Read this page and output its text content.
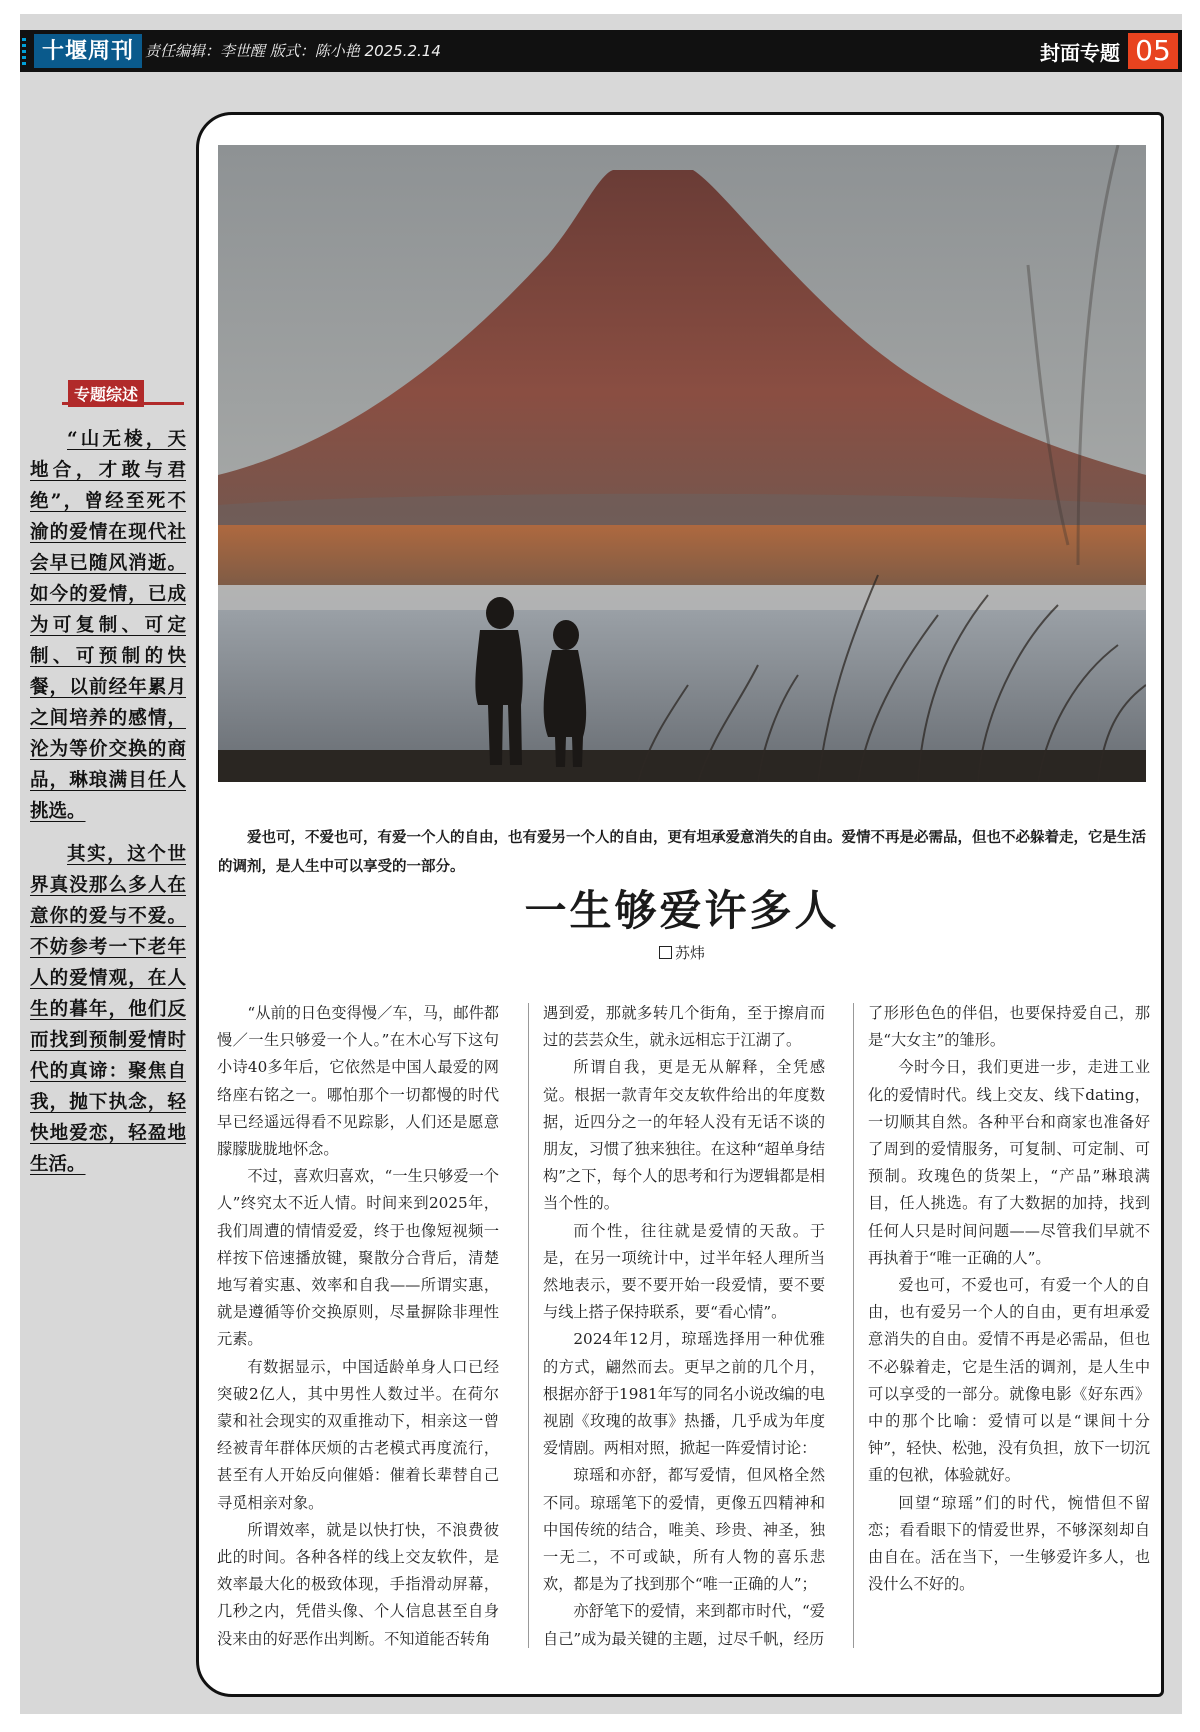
十堰周刊 责任编辑：李世醒 版式：陈小艳 2025.2.14	封面专题 05
专题综述

“山无棱，天地合，才敢与君绝”，曾经至死不渝的爱情在现代社会早已随风消逝。如今的爱情，已成为可复制、可定制、可预制的快餐，以前经年累月之间培养的感情，沦为等价交换的商品，琳琅满目任人挑选。

其实，这个世界真没那么多人在意你的爱与不爱。不妨参考一下老年人的爱情观，在人生的暮年，他们反而找到预制爱情时代的真谛：聚焦自我，抛下执念，轻快地爱恋，轻盈地生活。

爱也可，不爱也可，有爱一个人的自由，也有爱另一个人的自由，更有坦承爱意消失的自由。爱情不再是必需品，但也不必躲着走，它是生活的调剂，是人生中可以享受的一部分。
一生够爱许多人
苏炜

“从前的日色变得慢／车，马，邮件都慢／一生只够爱一个人。”在木心写下这句小诗40多年后，它依然是中国人最爱的网络座右铭之一。哪怕那个一切都慢的时代早已经遥远得看不见踪影，人们还是愿意朦朦胧胧地怀念。

不过，喜欢归喜欢，“一生只够爱一个人”终究太不近人情。时间来到2025年，我们周遭的情情爱爱，终于也像短视频一样按下倍速播放键，聚散分合背后，清楚地写着实惠、效率和自我——所谓实惠，就是遵循等价交换原则，尽量摒除非理性元素。

有数据显示，中国适龄单身人口已经突破2亿人，其中男性人数过半。在荷尔蒙和社会现实的双重推动下，相亲这一曾经被青年群体厌烦的古老模式再度流行，甚至有人开始反向催婚：催着长辈替自己寻觅相亲对象。

所谓效率，就是以快打快，不浪费彼此的时间。各种各样的线上交友软件，是效率最大化的极致体现，手指滑动屏幕，几秒之内，凭借头像、个人信息甚至自身没来由的好恶作出判断。不知道能否转角

遇到爱，那就多转几个街角，至于擦肩而过的芸芸众生，就永远相忘于江湖了。

所谓自我，更是无从解释，全凭感觉。根据一款青年交友软件给出的年度数据，近四分之一的年轻人没有无话不谈的朋友，习惯了独来独往。在这种“超单身结构”之下，每个人的思考和行为逻辑都是相当个性的。

而个性，往往就是爱情的天敌。于是，在另一项统计中，过半年轻人理所当然地表示，要不要开始一段爱情，要不要与线上搭子保持联系，要“看心情”。

2024年12月，琼瑶选择用一种优雅的方式，翩然而去。更早之前的几个月，根据亦舒于1981年写的同名小说改编的电视剧《玫瑰的故事》热播，几乎成为年度爱情剧。两相对照，掀起一阵爱情讨论：

琼瑶和亦舒，都写爱情，但风格全然不同。琼瑶笔下的爱情，更像五四精神和中国传统的结合，唯美、珍贵、神圣，独一无二，不可或缺，所有人物的喜乐悲欢，都是为了找到那个“唯一正确的人”；

亦舒笔下的爱情，来到都市时代，“爱自己”成为最关键的主题，过尽千帆，经历

了形形色色的伴侣，也要保持爱自己，那是“大女主”的雏形。

今时今日，我们更进一步，走进工业化的爱情时代。线上交友、线下dating，一切顺其自然。各种平台和商家也准备好了周到的爱情服务，可复制、可定制、可预制。玫瑰色的货架上，“产品”琳琅满目，任人挑选。有了大数据的加持，找到任何人只是时间问题——尽管我们早就不再执着于“唯一正确的人”。

爱也可，不爱也可，有爱一个人的自由，也有爱另一个人的自由，更有坦承爱意消失的自由。爱情不再是必需品，但也不必躲着走，它是生活的调剂，是人生中可以享受的一部分。就像电影《好东西》中的那个比喻：爱情可以是“课间十分钟”，轻快、松弛，没有负担，放下一切沉重的包袱，体验就好。

回望“琼瑶”们的时代，惋惜但不留恋；看看眼下的情爱世界，不够深刻却自由自在。活在当下，一生够爱许多人，也没什么不好的。
